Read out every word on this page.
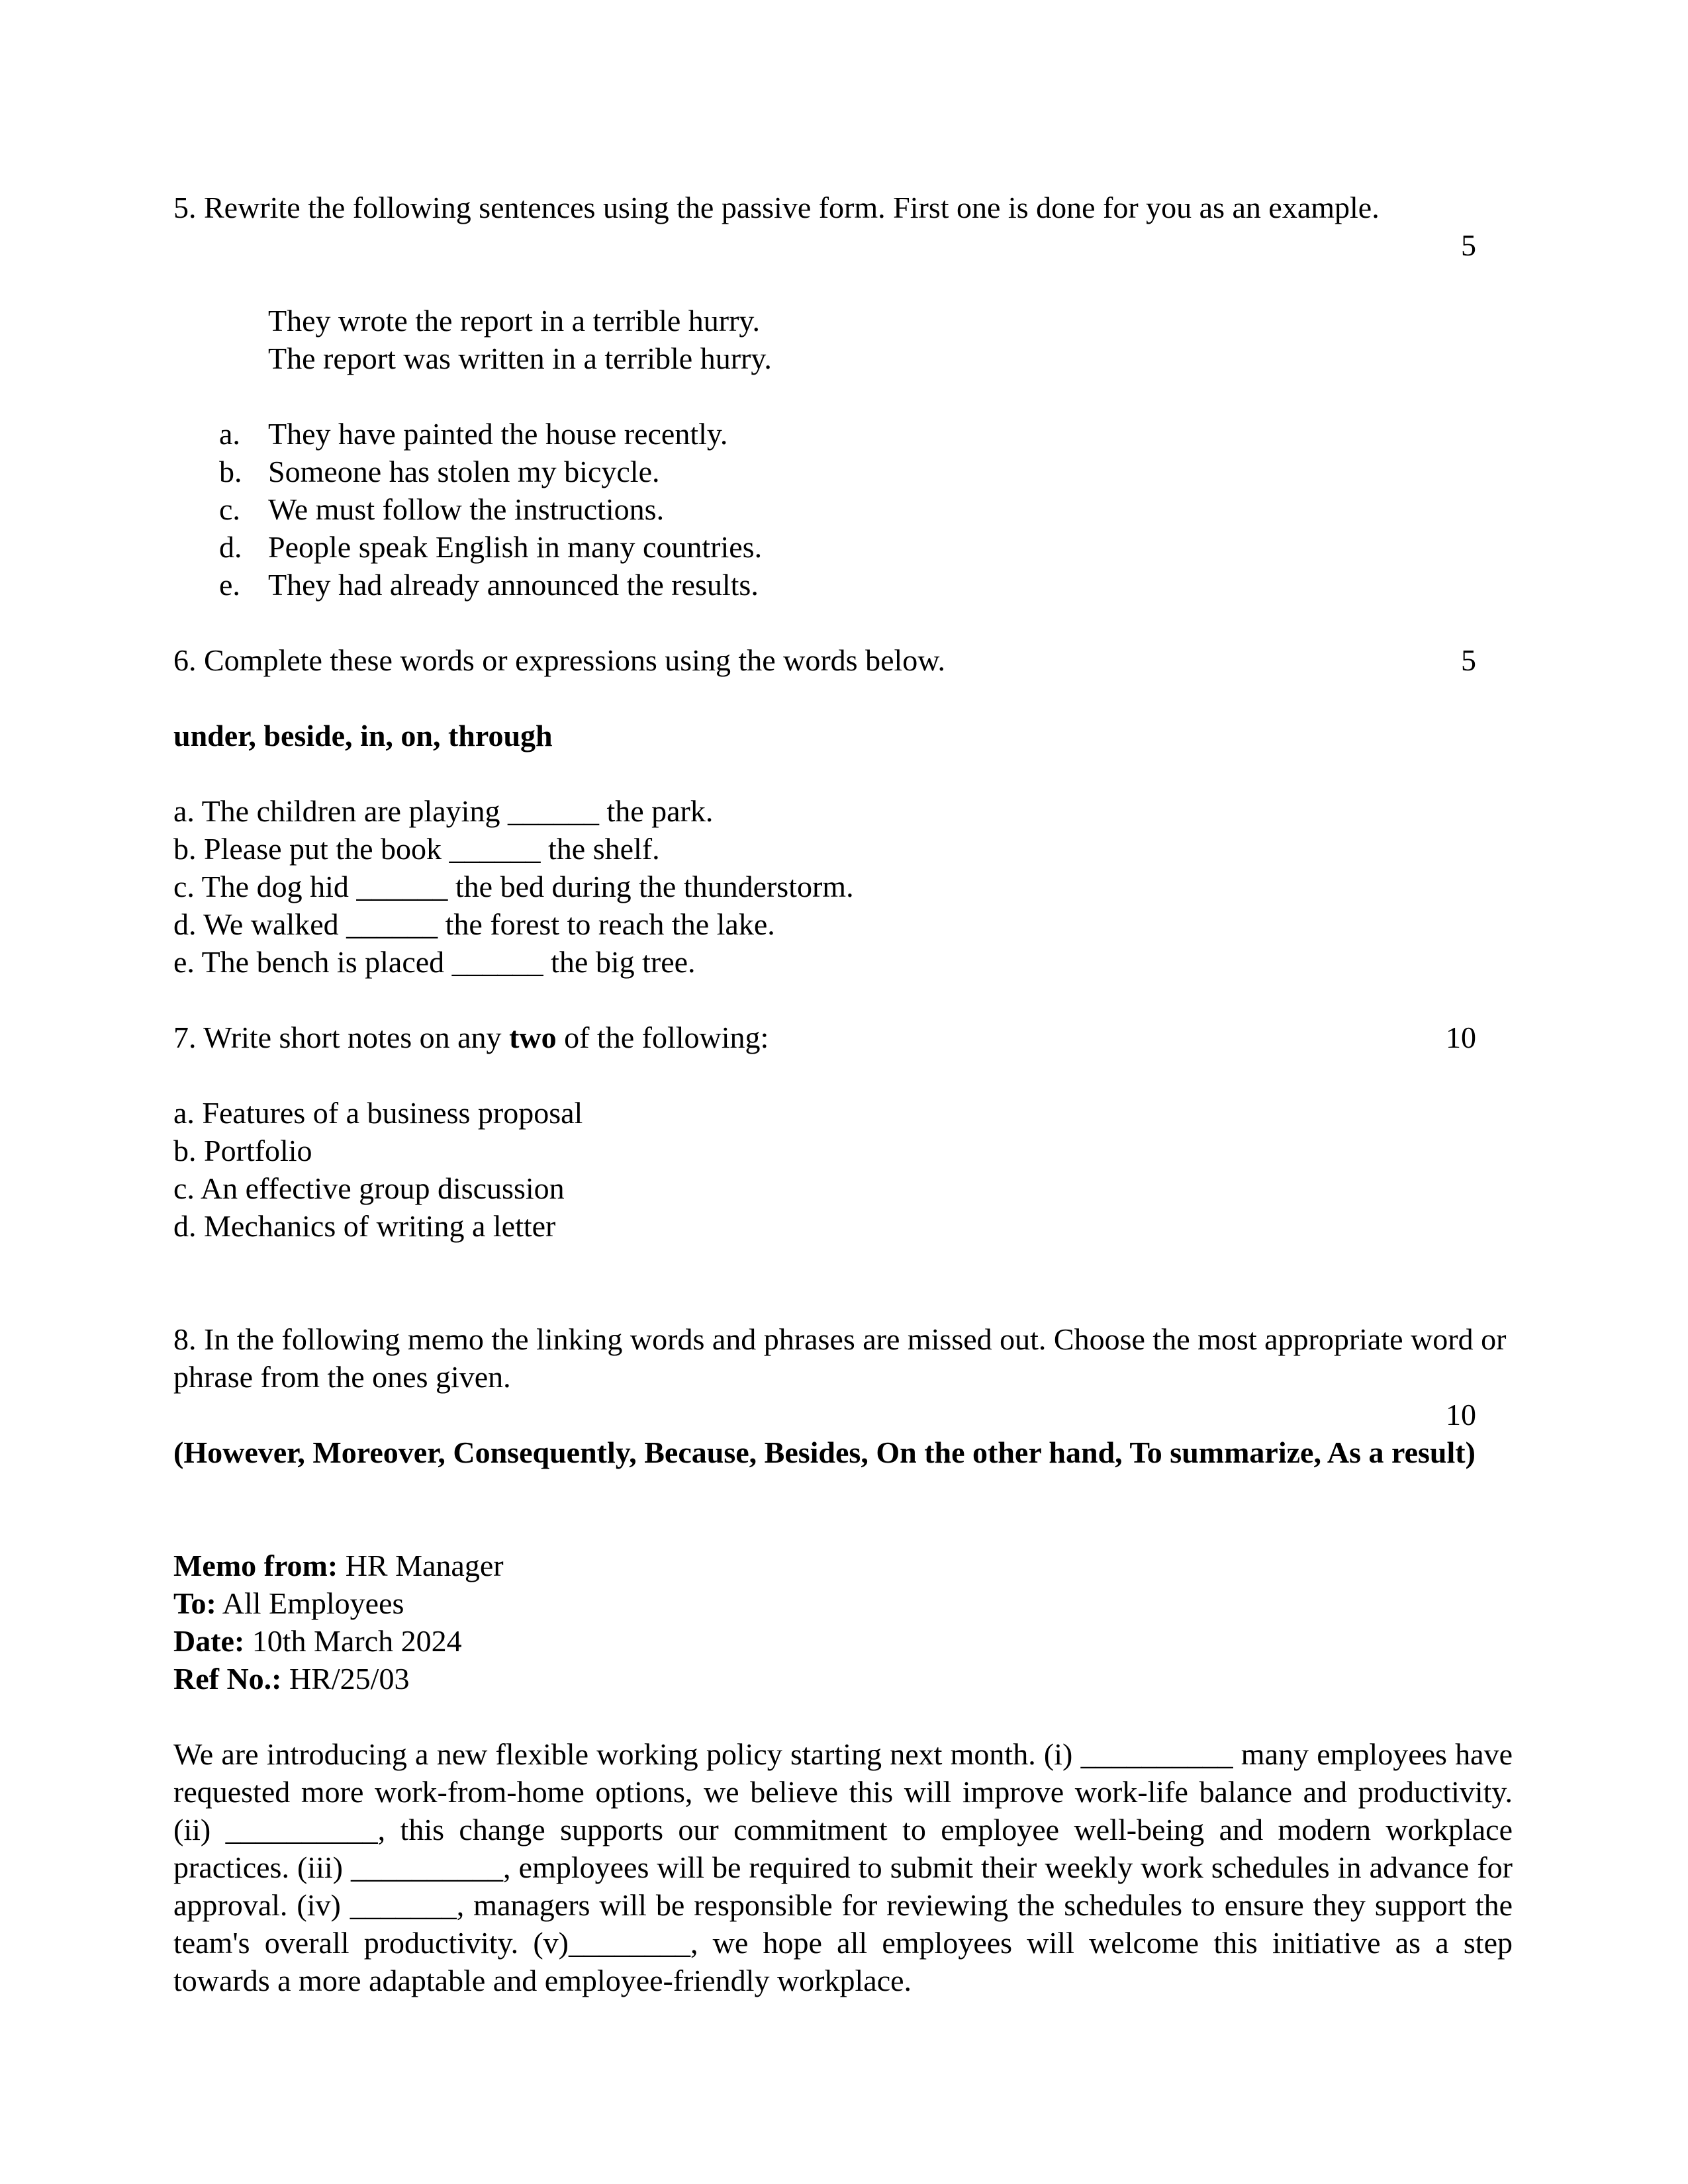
5. Rewrite the following sentences using the passive form. First one is done for you as an example.
5
They wrote the report in a terrible hurry.
The report was written in a terrible hurry.
a. They have painted the house recently.
b. Someone has stolen my bicycle.
c. We must follow the instructions.
d. People speak English in many countries.
e. They had already announced the results.
6. Complete these words or expressions using the words below.	5
under, beside, in, on, through
a. The children are playing ______ the park.
b. Please put the book ______ the shelf.
c. The dog hid ______ the bed during the thunderstorm.
d. We walked ______ the forest to reach the lake.
e. The bench is placed ______ the big tree.
7. Write short notes on any two of the following:	10
a. Features of a business proposal
b. Portfolio
c. An effective group discussion
d. Mechanics of writing a letter
8. In the following memo the linking words and phrases are missed out. Choose the most appropriate word or phrase from the ones given.
10
(However, Moreover, Consequently, Because, Besides, On the other hand, To summarize, As a result)
Memo from: HR Manager
To: All Employees
Date: 10th March 2024
Ref No.: HR/25/03
We are introducing a new flexible working policy starting next month. (i) __________ many employees have requested more work-from-home options, we believe this will improve work-life balance and productivity. (ii) __________, this change supports our commitment to employee well-being and modern workplace practices. (iii) __________, employees will be required to submit their weekly work schedules in advance for approval. (iv) _______, managers will be responsible for reviewing the schedules to ensure they support the team's overall productivity. (v)________, we hope all employees will welcome this initiative as a step towards a more adaptable and employee-friendly workplace.
